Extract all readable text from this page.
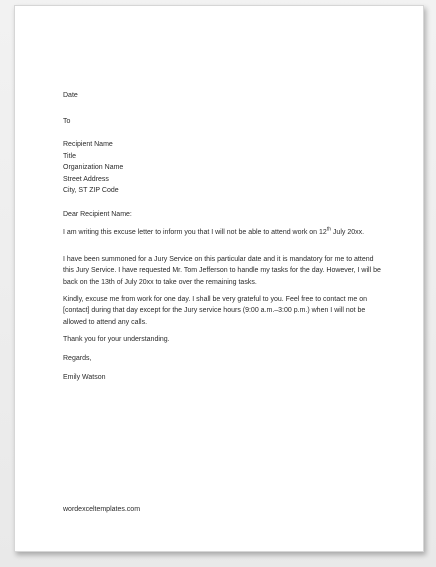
Date

To

Recipient Name

Title

Organization Name

Street Address

City, ST ZIP Code

Dear Recipient Name:

I am writing this excuse letter to inform you that I will not be able to attend work on 12th July 20xx.

I have been summoned for a Jury Service on this particular date and it is mandatory for me to attend this Jury Service. I have requested Mr. Tom Jefferson to handle my tasks for the day. However, I will be back on the 13th of July 20xx to take over the remaining tasks.

Kindly, excuse me from work for one day. I shall be very grateful to you. Feel free to contact me on [contact] during that day except for the Jury service hours (9:00 a.m.–3:00 p.m.) when I will not be allowed to attend any calls.

Thank you for your understanding.

Regards,

Emily Watson

wordexceltemplates.com
